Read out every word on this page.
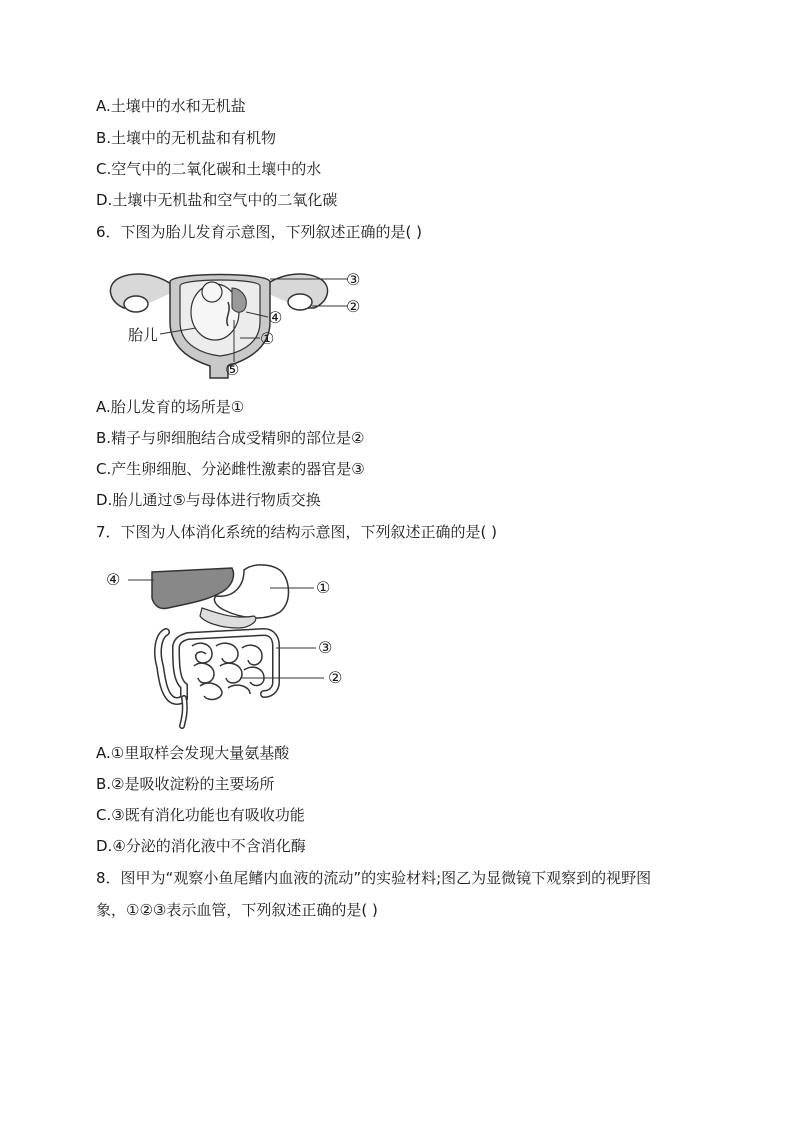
A.土壤中的水和无机盐
B.土壤中的无机盐和有机物
C.空气中的二氧化碳和土壤中的水
D.土壤中无机盐和空气中的二氧化碳
6．下图为胎儿发育示意图，下列叙述正确的是( )
胎儿
③
②
④
①
⑤
A.胎儿发育的场所是①
B.精子与卵细胞结合成受精卵的部位是②
C.产生卵细胞、分泌雌性激素的器官是③
D.胎儿通过⑤与母体进行物质交换
7．下图为人体消化系统的结构示意图，下列叙述正确的是( )
④	①
③
②
A.①里取样会发现大量氨基酸
B.②是吸收淀粉的主要场所
C.③既有消化功能也有吸收功能
D.④分泌的消化液中不含消化酶
8．图甲为“观察小鱼尾鳍内血液的流动”的实验材料;图乙为显微镜下观察到的视野图
象，①②③表示血管，下列叙述正确的是( )
